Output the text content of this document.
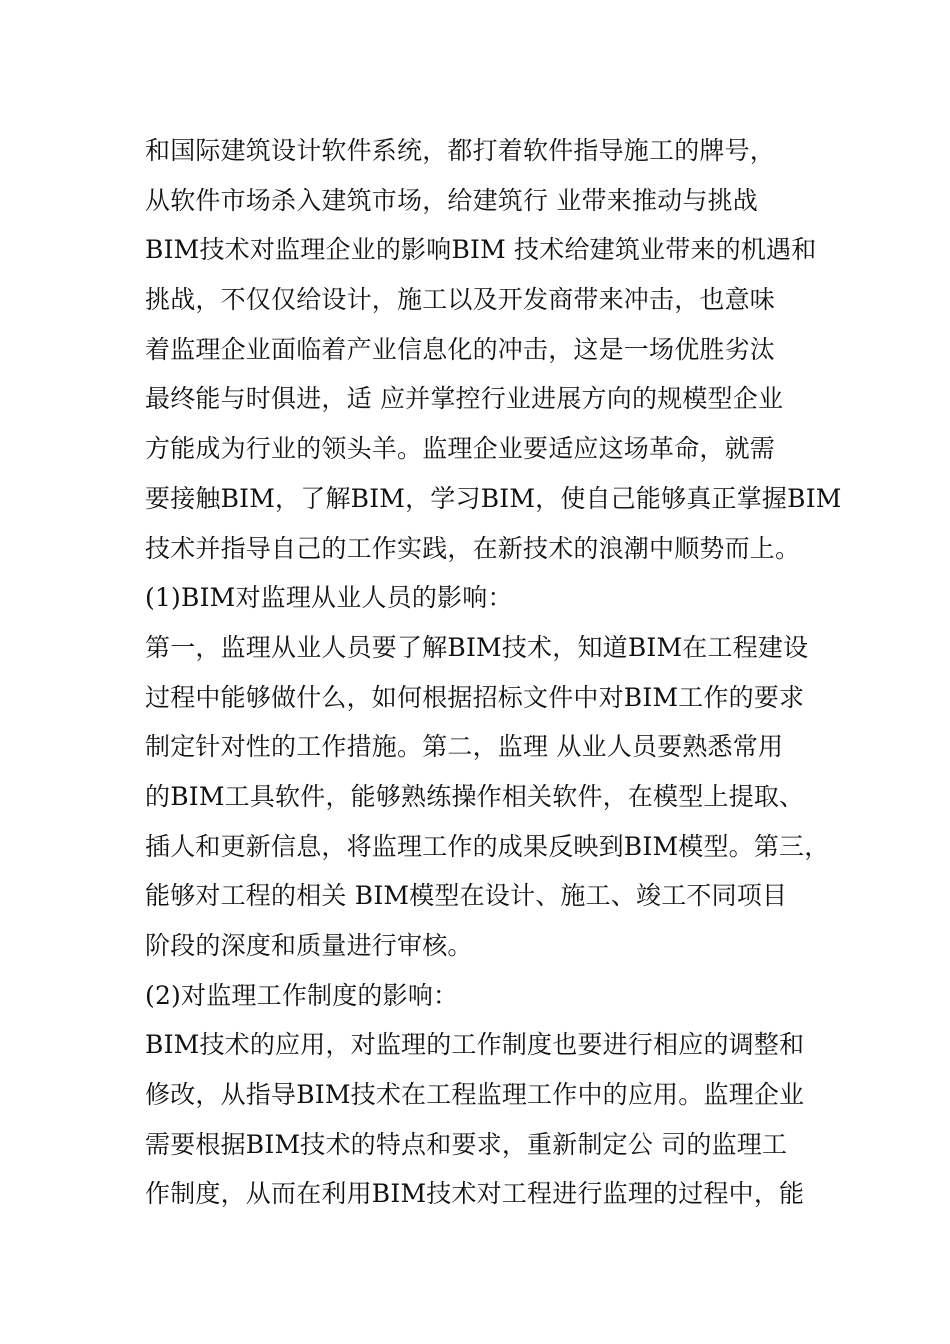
和国际建筑设计软件系统，都打着软件指导施工的牌号，
从软件市场杀入建筑市场，给建筑行 业带来推动与挑战
BIM技术对监理企业的影响BIM 技术给建筑业带来的机遇和
挑战，不仅仅给设计，施工以及开发商带来冲击，也意味
着监理企业面临着产业信息化的冲击，这是一场优胜劣汰
最终能与时俱进，适 应并掌控行业进展方向的规模型企业
方能成为行业的领头羊。监理企业要适应这场革命，就需
要接触BIM，了解BIM，学习BIM，使自己能够真正掌握BIM
技术并指导自己的工作实践，在新技术的浪潮中顺势而上。
(1)BIM对监理从业人员的影响：
第一，监理从业人员要了解BIM技术，知道BIM在工程建设
过程中能够做什么，如何根据招标文件中对BIM工作的要求
制定针对性的工作措施。第二，监理 从业人员要熟悉常用
的BIM工具软件，能够熟练操作相关软件，在模型上提取、
插人和更新信息，将监理工作的成果反映到BIM模型。第三，
能够对工程的相关 BIM模型在设计、施工、竣工不同项目
阶段的深度和质量进行审核。
(2)对监理工作制度的影响：
BIM技术的应用，对监理的工作制度也要进行相应的调整和
修改，从指导BIM技术在工程监理工作中的应用。监理企业
需要根据BIM技术的特点和要求，重新制定公 司的监理工
作制度，从而在利用BIM技术对工程进行监理的过程中，能
